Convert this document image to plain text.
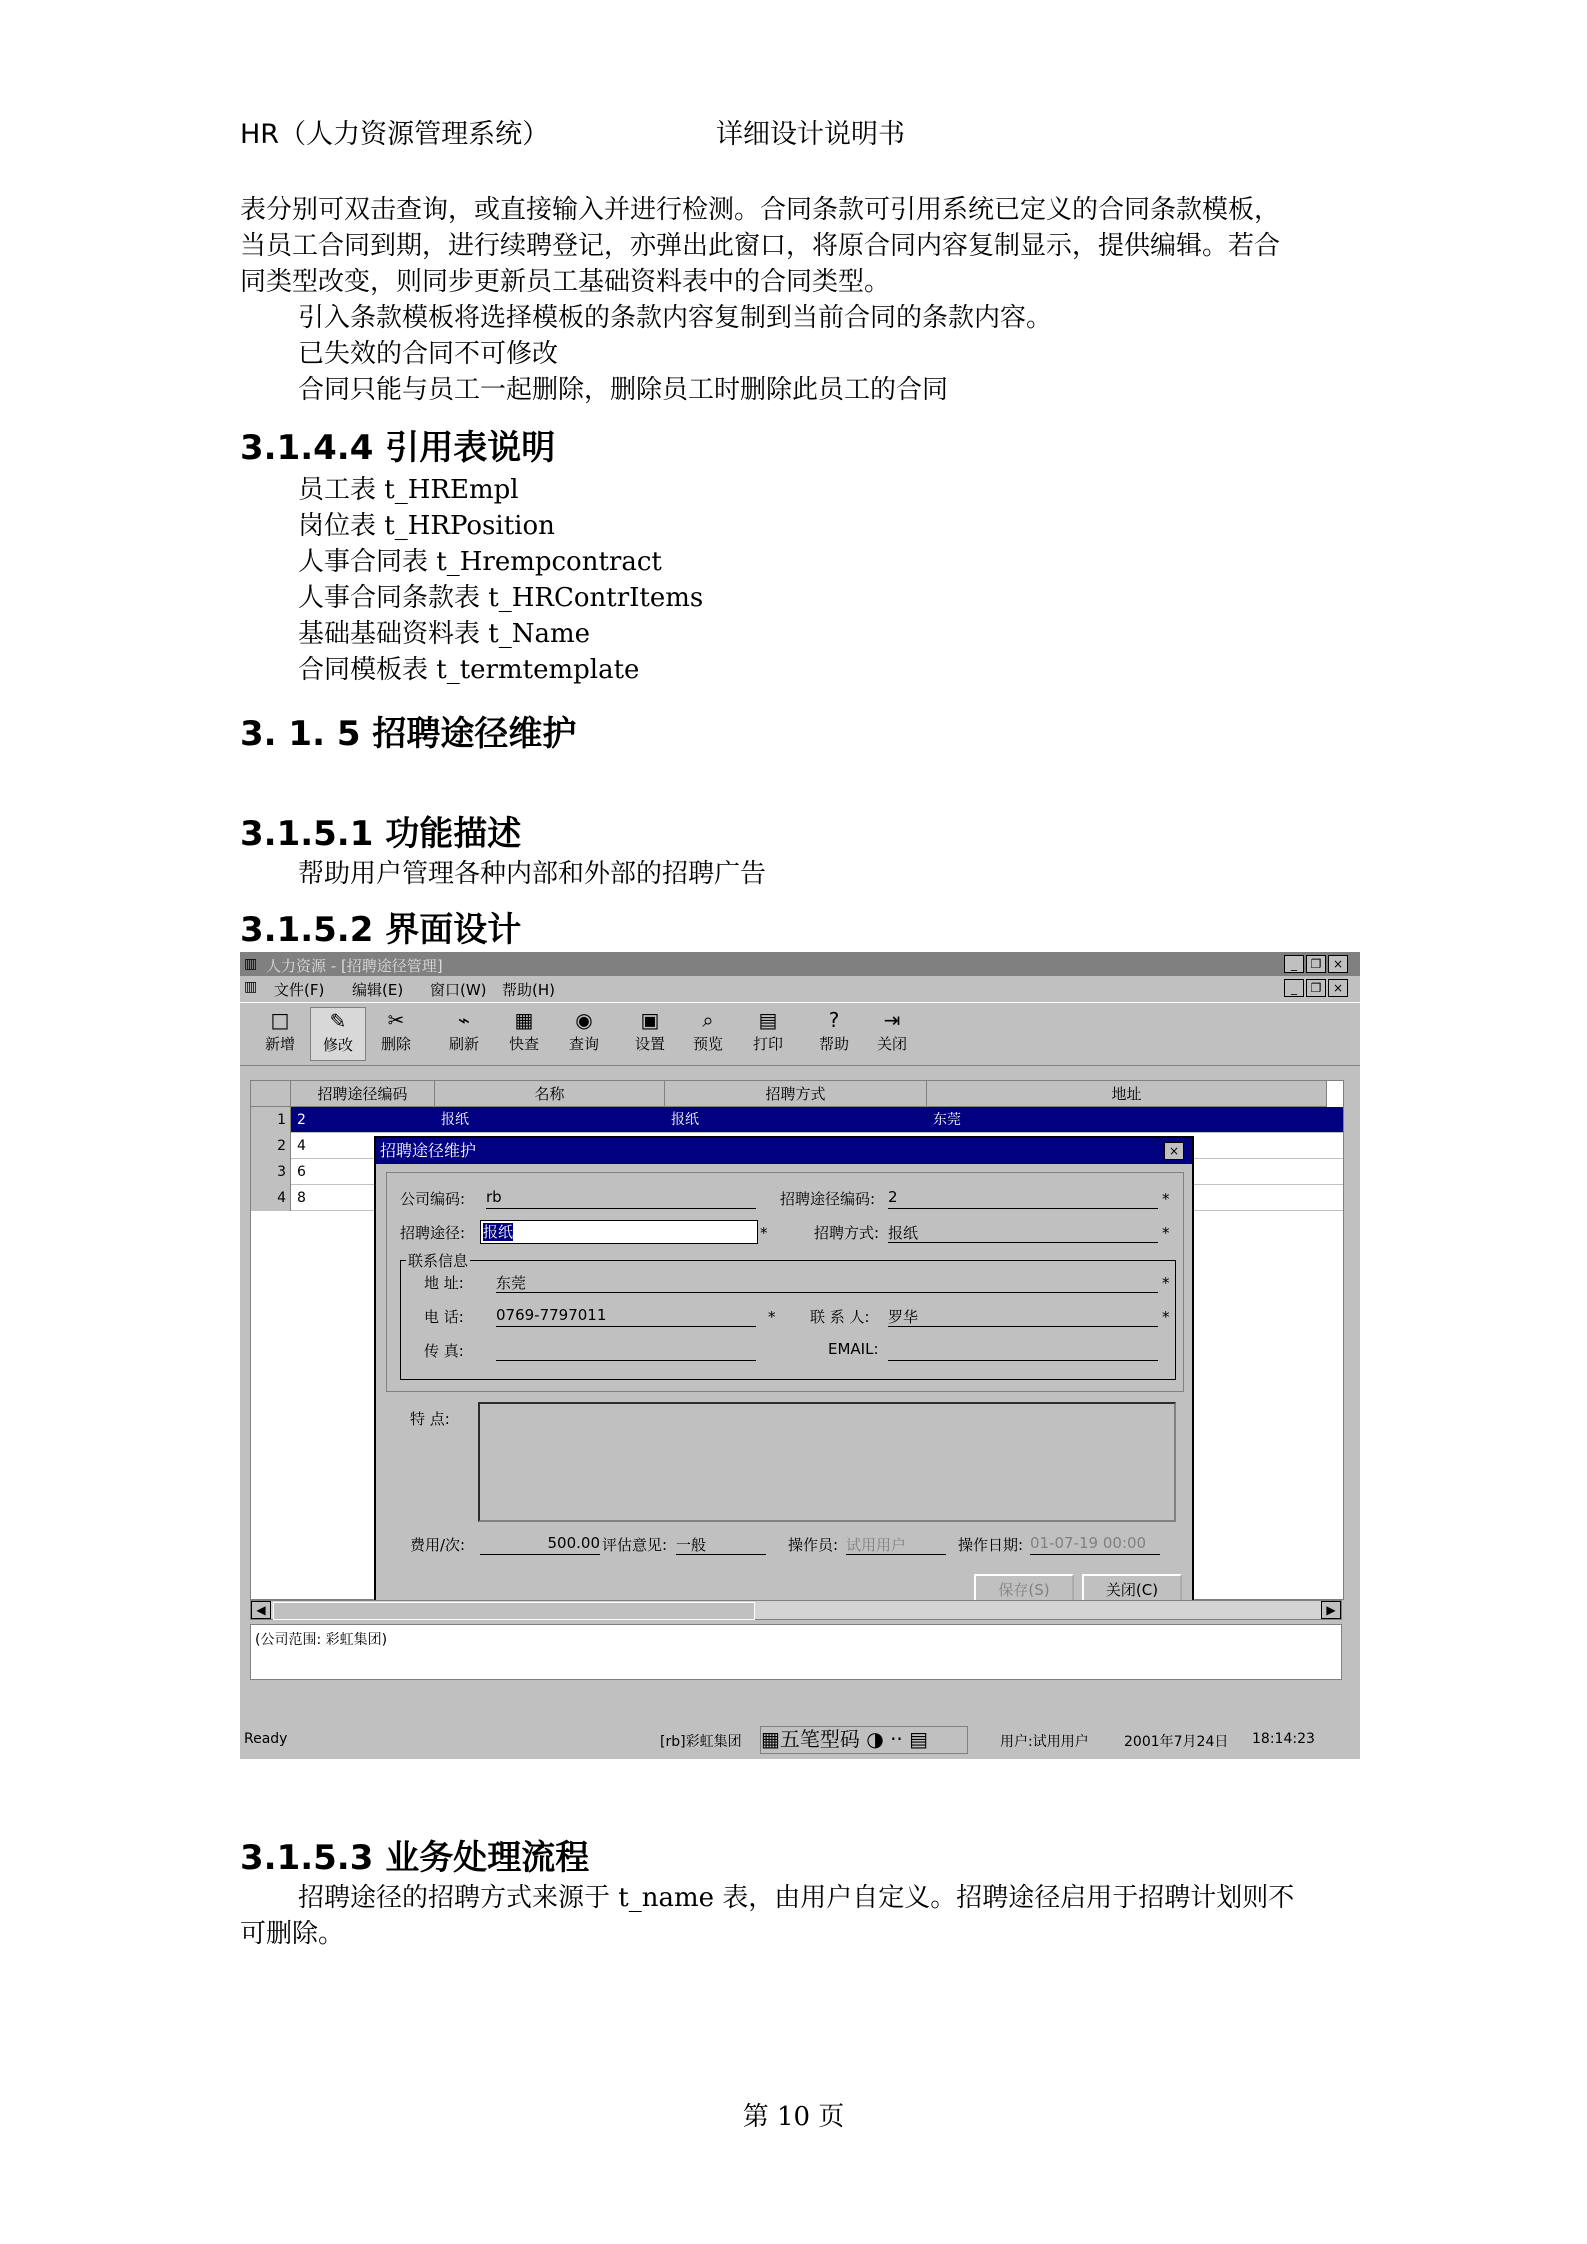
HR（人力资源管理系统）	详细设计说明书
表分别可双击查询，或直接输入并进行检测。合同条款可引用系统已定义的合同条款模板，
当员工合同到期，进行续聘登记，亦弹出此窗口，将原合同内容复制显示，提供编辑。若合
同类型改变，则同步更新员工基础资料表中的合同类型。
引入条款模板将选择模板的条款内容复制到当前合同的条款内容。
已失效的合同不可修改
合同只能与员工一起删除，删除员工时删除此员工的合同
3.1.4.4 引用表说明
员工表 t_HREmpl
岗位表 t_HRPosition
人事合同表 t_Hrempcontract
人事合同条款表 t_HRContrItems
基础基础资料表 t_Name
合同模板表 t_termtemplate
3. 1. 5 招聘途径维护
3.1.5.1 功能描述
帮助用户管理各种内部和外部的招聘广告
3.1.5.2 界面设计
▥ 人力资源 - [招聘途径管理]	_	❐ ×
▥ 文件(F) 编辑(E) 窗口(W) 帮助(H)	_	❐ ×
□
新增
✎
修改
✂
删除
⌁
刷新
▦
快查
◉
查询
▣
设置
⌕
预览
▤
打印
?
帮助
⇥
关闭
招聘途径编码	名称	招聘方式	地址
1 2	报纸	报纸	东莞
2 4
3 6
4 8
招聘途径维护	×
公司编码: rb	招聘途径编码: 2	*
招聘途径: 报纸	*	招聘方式: 报纸	*
联系信息
地 址: 东莞	*
电 话: 0769-7797011	* 联 系 人: 罗华	*
传 真:	EMAIL:
特 点:
费用/次:	500.00 评估意见: 一般	操作员: 试用用户	操作日期: 01-07-19 00:00
保存(S)	关闭(C)
◀	▶
(公司范围: 彩虹集团)
Ready	[rb]彩虹集团 ▦五笔型码 ◑ ·· ▤	用户:试用用户	2001年7月24日 18:14:23
3.1.5.3 业务处理流程
招聘途径的招聘方式来源于 t_name 表，由用户自定义。招聘途径启用于招聘计划则不
可删除。
第 10 页
